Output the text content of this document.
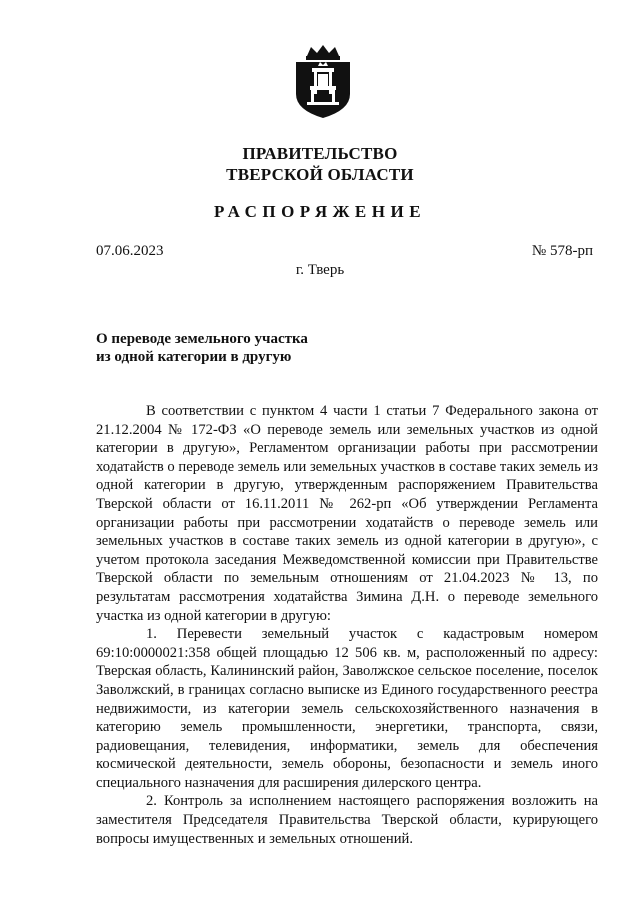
ПРАВИТЕЛЬСТВО
ТВЕРСКОЙ ОБЛАСТИ
РАСПОРЯЖЕНИЕ
07.06.2023	№ 578-рп
г. Тверь
О переводе земельного участка
из одной категории в другую

В соответствии с пунктом 4 части 1 статьи 7 Федерального закона от 21.12.2004 № 172-ФЗ «О переводе земель или земельных участков из одной категории в другую», Регламентом организации работы при рассмотрении ходатайств о переводе земель или земельных участков в составе таких земель из одной категории в другую, утвержденным распоряжением Правительства Тверской области от 16.11.2011 № 262-рп «Об утверждении Регламента организации работы при рассмотрении ходатайств о переводе земель или земельных участков в составе таких земель из одной категории в другую», с учетом протокола заседания Межведомственной комиссии при Правительстве Тверской области по земельным отношениям от 21.04.2023 № 13, по результатам рассмотрения ходатайства Зимина Д.Н. о переводе земельного участка из одной категории в другую:

1. Перевести земельный участок с кадастровым номером 69:10:0000021:358 общей площадью 12 506 кв. м, расположенный по адресу: Тверская область, Калининский район, Заволжское сельское поселение, поселок Заволжский, в границах согласно выписке из Единого государственного реестра недвижимости, из категории земель сельскохозяйственного назначения в категорию земель промышленности, энергетики, транспорта, связи, радиовещания, телевидения, информатики, земель для обеспечения космической деятельности, земель обороны, безопасности и земель иного специального назначения для расширения дилерского центра.

2. Контроль за исполнением настоящего распоряжения возложить на заместителя Председателя Правительства Тверской области, курирующего вопросы имущественных и земельных отношений.
